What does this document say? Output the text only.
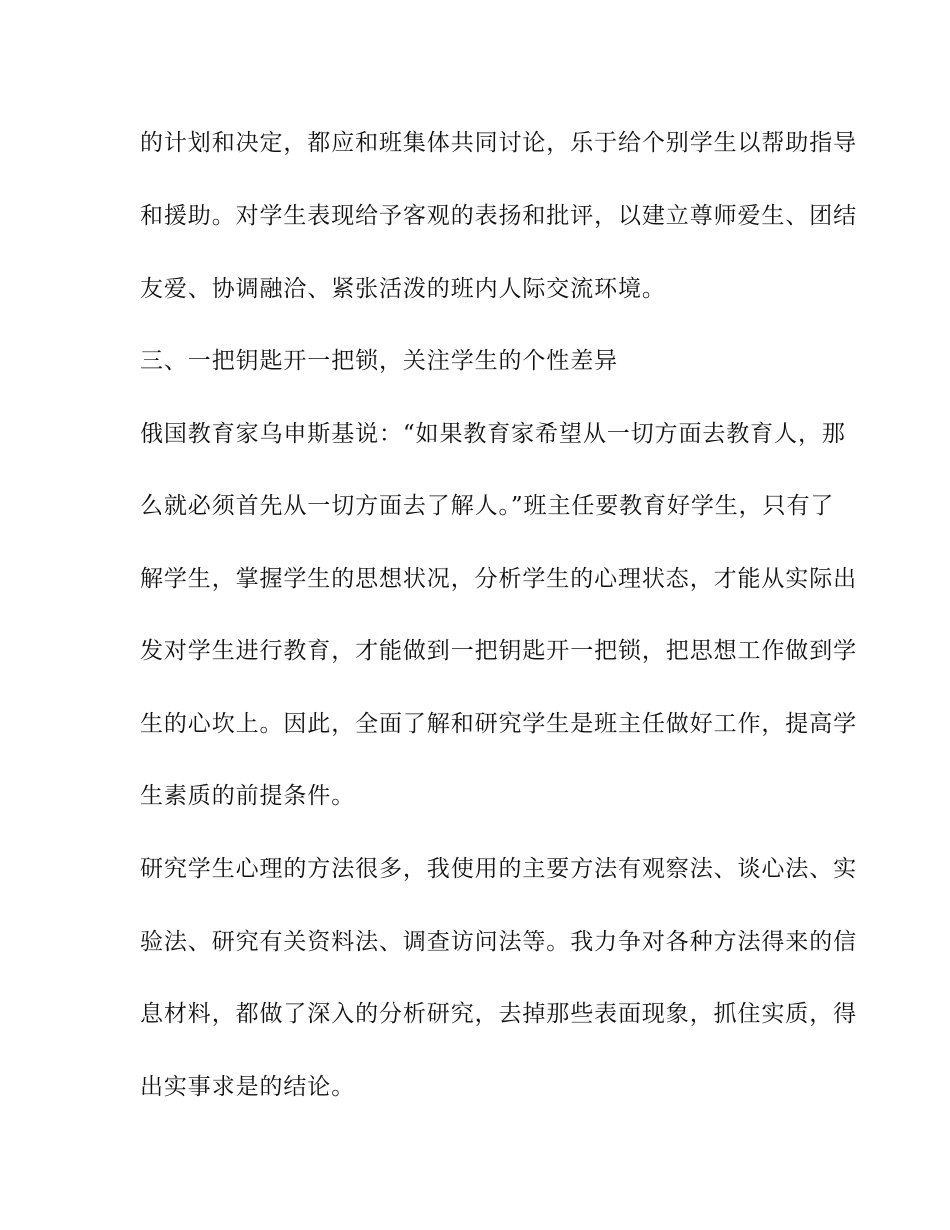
的计划和决定，都应和班集体共同讨论，乐于给个别学生以帮助指导
和援助。对学生表现给予客观的表扬和批评，以建立尊师爱生、团结
友爱、协调融洽、紧张活泼的班内人际交流环境。
三、一把钥匙开一把锁，关注学生的个性差异
俄国教育家乌申斯基说：“如果教育家希望从一切方面去教育人，那
么就必须首先从一切方面去了解人。”班主任要教育好学生，只有了
解学生，掌握学生的思想状况，分析学生的心理状态，才能从实际出
发对学生进行教育，才能做到一把钥匙开一把锁，把思想工作做到学
生的心坎上。因此，全面了解和研究学生是班主任做好工作，提高学
生素质的前提条件。
研究学生心理的方法很多，我使用的主要方法有观察法、谈心法、实
验法、研究有关资料法、调查访问法等。我力争对各种方法得来的信
息材料，都做了深入的分析研究，去掉那些表面现象，抓住实质，得
出实事求是的结论。
